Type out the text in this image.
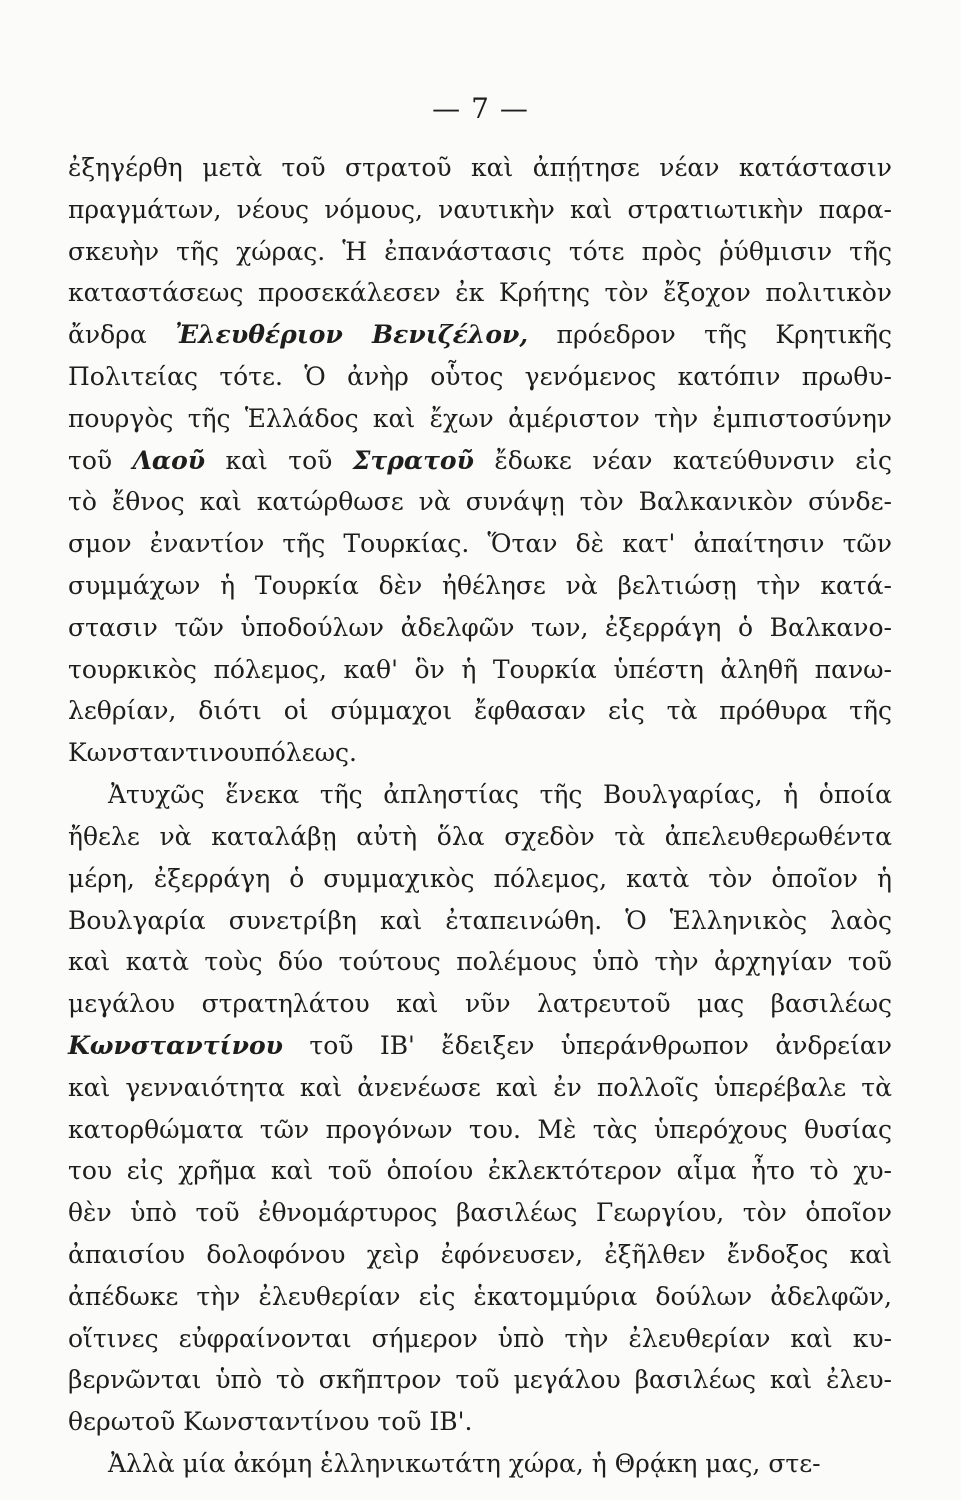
— 7 —
ἐξηγέρθη μετὰ τοῦ στρατοῦ καὶ ἀπῄτησε νέαν κατάστασιν
πραγμάτων, νέους νόμους, ναυτικὴν καὶ στρατιωτικὴν παρα-
σκευὴν τῆς χώρας. Ἡ ἐπανάστασις τότε πρὸς ῥύθμισιν τῆς
καταστάσεως προσεκάλεσεν ἐκ Κρήτης τὸν ἔξοχον πολιτικὸν
ἄνδρα Ἐλευθέριον Βενιζέλον, πρόεδρον τῆς Κρητικῆς
Πολιτείας τότε. Ὁ ἀνὴρ οὗτος γενόμενος κατόπιν πρωθυ-
πουργὸς τῆς Ἑλλάδος καὶ ἔχων ἀμέριστον τὴν ἐμπιστοσύνην
τοῦ Λαοῦ καὶ τοῦ Στρατοῦ ἔδωκε νέαν κατεύθυνσιν εἰς
τὸ ἔθνος καὶ κατώρθωσε νὰ συνάψῃ τὸν Βαλκανικὸν σύνδε-
σμον ἐναντίον τῆς Τουρκίας. Ὅταν δὲ κατ' ἀπαίτησιν τῶν
συμμάχων ἡ Τουρκία δὲν ἠθέλησε νὰ βελτιώσῃ τὴν κατά-
στασιν τῶν ὑποδούλων ἀδελφῶν των, ἐξερράγη ὁ Βαλκανο-
τουρκικὸς πόλεμος, καθ' ὃν ἡ Τουρκία ὑπέστη ἀληθῆ πανω-
λεθρίαν, διότι οἱ σύμμαχοι ἔφθασαν εἰς τὰ πρόθυρα τῆς
Κωνσταντινουπόλεως.
Ἀτυχῶς ἕνεκα τῆς ἀπληστίας τῆς Βουλγαρίας, ἡ ὁποία
ἤθελε νὰ καταλάβῃ αὐτὴ ὅλα σχεδὸν τὰ ἀπελευθερωθέντα
μέρη, ἐξερράγη ὁ συμμαχικὸς πόλεμος, κατὰ τὸν ὁποῖον ἡ
Βουλγαρία συνετρίβη καὶ ἐταπεινώθη. Ὁ Ἑλληνικὸς λαὸς
καὶ κατὰ τοὺς δύο τούτους πολέμους ὑπὸ τὴν ἀρχηγίαν τοῦ
μεγάλου στρατηλάτου καὶ νῦν λατρευτοῦ μας βασιλέως
Κωνσταντίνου τοῦ ΙΒ' ἔδειξεν ὑπεράνθρωπον ἀνδρείαν
καὶ γενναιότητα καὶ ἀνενέωσε καὶ ἐν πολλοῖς ὑπερέβαλε τὰ
κατορθώματα τῶν προγόνων του. Μὲ τὰς ὑπερόχους θυσίας
του εἰς χρῆμα καὶ τοῦ ὁποίου ἐκλεκτότερον αἷμα ἦτο τὸ χυ-
θὲν ὑπὸ τοῦ ἐθνομάρτυρος βασιλέως Γεωργίου, τὸν ὁποῖον
ἀπαισίου δολοφόνου χεὶρ ἐφόνευσεν, ἐξῆλθεν ἔνδοξος καὶ
ἀπέδωκε τὴν ἐλευθερίαν εἰς ἑκατομμύρια δούλων ἀδελφῶν,
οἵτινες εὐφραίνονται σήμερον ὑπὸ τὴν ἐλευθερίαν καὶ κυ-
βερνῶνται ὑπὸ τὸ σκῆπτρον τοῦ μεγάλου βασιλέως καὶ ἐλευ-
θερωτοῦ Κωνσταντίνου τοῦ ΙΒ'.
Ἀλλὰ μία ἀκόμη ἑλληνικωτάτη χώρα, ἡ Θρᾴκη μας, στε-
